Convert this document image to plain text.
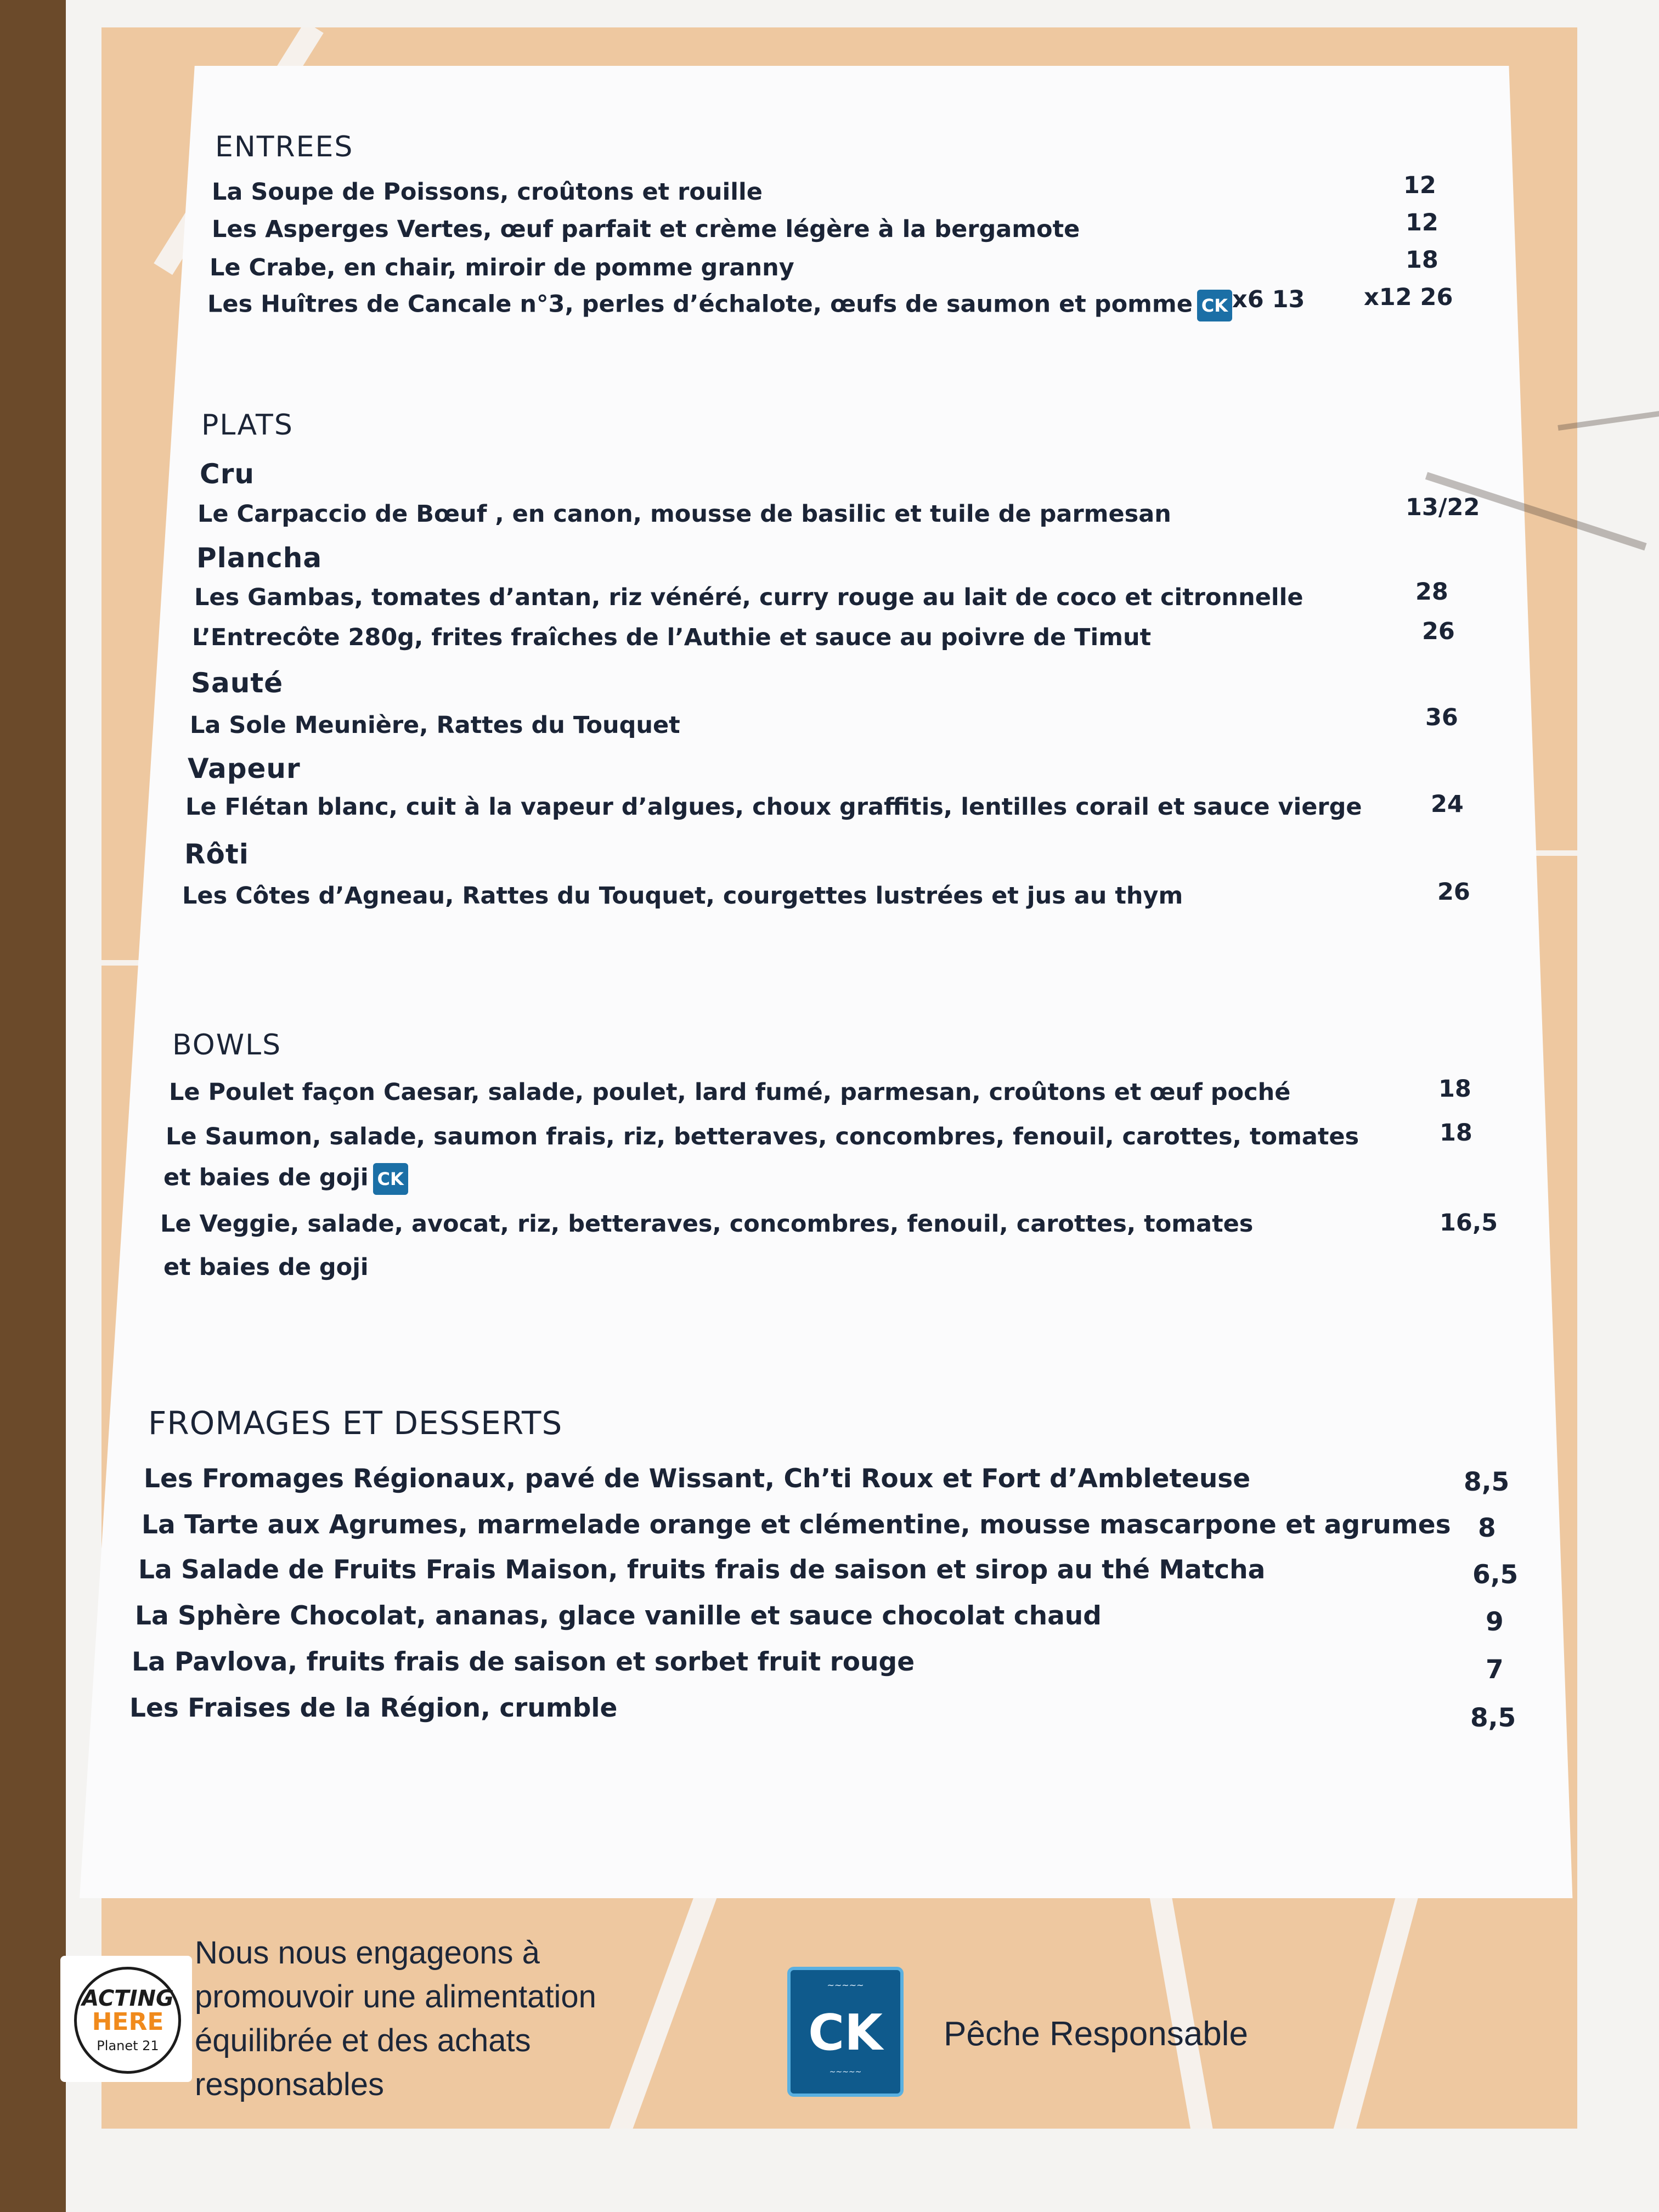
ENTREES
La Soupe de Poissons, croûtons et rouille	12
Les Asperges Vertes, œuf parfait et crème légère à la bergamote	12
Le Crabe, en chair, miroir de pomme granny	18
Les Huîtres de Cancale n°3, perles d’échalote, œufs de saumon et pomme CK x6 13	x12 26
PLATS
Cru
Le Carpaccio de Bœuf , en canon, mousse de basilic et tuile de parmesan	13/22
Plancha
Les Gambas, tomates d’antan, riz vénéré, curry rouge au lait de coco et citronnelle	28
L’Entrecôte 280g, frites fraîches de l’Authie et sauce au poivre de Timut	26
Sauté
La Sole Meunière, Rattes du Touquet	36
Vapeur
Le Flétan blanc, cuit à la vapeur d’algues, choux graffitis, lentilles corail et sauce vierge	24
Rôti
Les Côtes d’Agneau, Rattes du Touquet, courgettes lustrées et jus au thym	26
BOWLS
Le Poulet façon Caesar, salade, poulet, lard fumé, parmesan, croûtons et œuf poché	18
Le Saumon, salade, saumon frais, riz, betteraves, concombres, fenouil, carottes, tomates	18
et baies de goji CK
Le Veggie, salade, avocat, riz, betteraves, concombres, fenouil, carottes, tomates	16,5
et baies de goji
FROMAGES ET DESSERTS
Les Fromages Régionaux, pavé de Wissant, Ch’ti Roux et Fort d’Ambleteuse	8,5
La Tarte aux Agrumes, marmelade orange et clémentine, mousse mascarpone et agrumes 8
La Salade de Fruits Frais Maison, fruits frais de saison et sirop au thé Matcha	6,5
La Sphère Chocolat, ananas, glace vanille et sauce chocolat chaud	9
La Pavlova, fruits frais de saison et sorbet fruit rouge	7
Les Fraises de la Région, crumble	8,5
ACTING
HERE
Planet 21
Nous nous engageons à
promouvoir une alimentation
équilibrée et des achats
responsables
~~~~~
CK
~~~~~
Pêche Responsable
